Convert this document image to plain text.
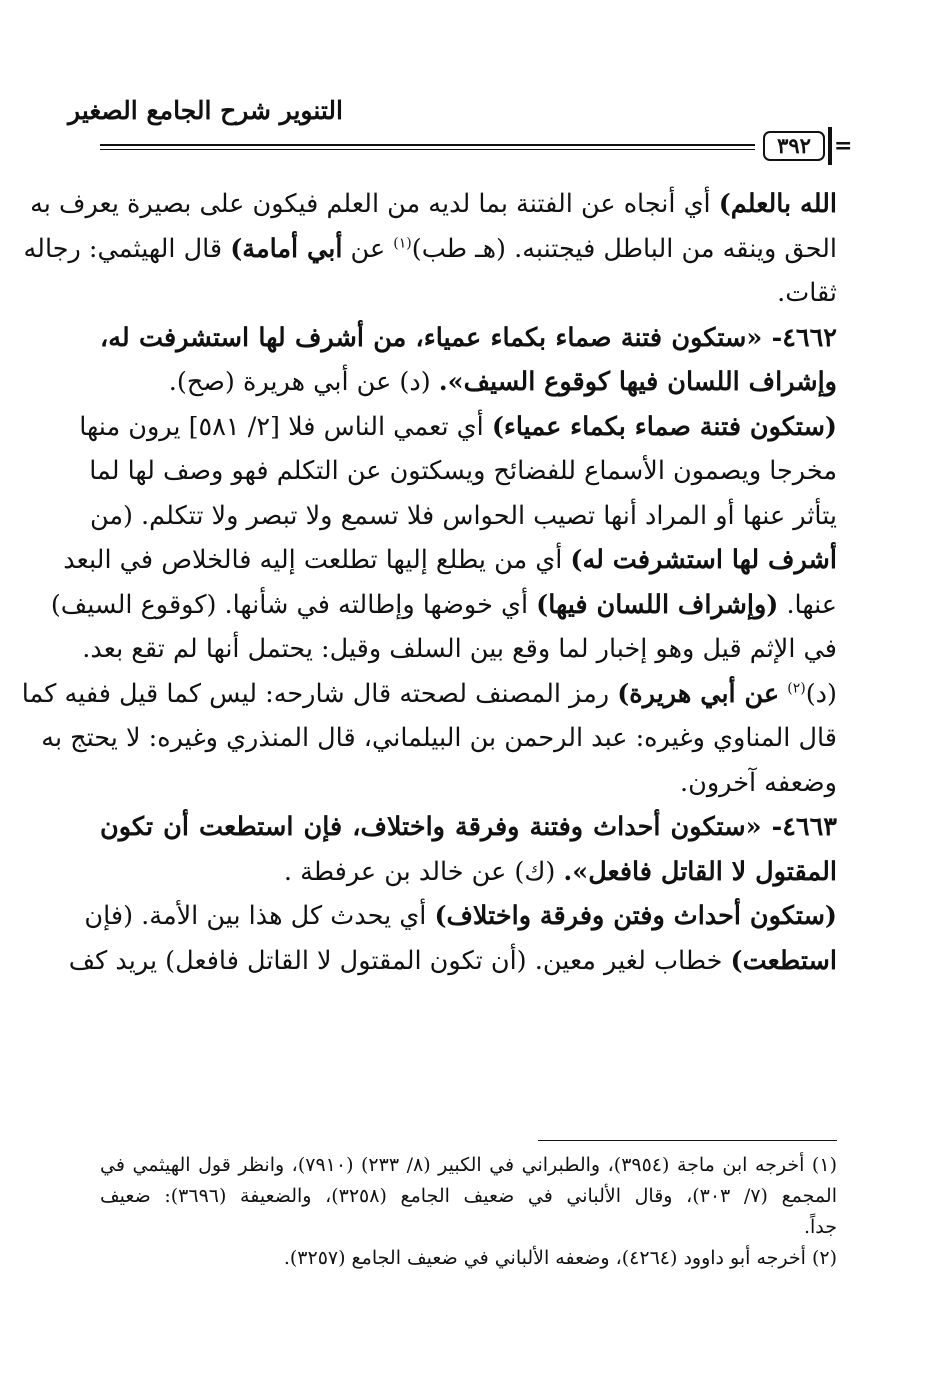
التنوير شرح الجامع الصغير
٣٩٢	=
الله بالعلم) أي أنجاه عن الفتنة بما لديه من العلم فيكون على بصيرة يعرف به
الحق وينقه من الباطل فيجتنبه. (هـ طب)$^{(١)}$ عن أبي أمامة) قال الهيثمي: رجاله
ثقات.
٤٦٦٢- «ستكون فتنة صماء بكماء عمياء، من أشرف لها استشرفت له،
وإشراف اللسان فيها كوقوع السيف». (د) عن أبي هريرة (صح).
(ستكون فتنة صماء بكماء عمياء) أي تعمي الناس فلا [٢/ ٥٨١] يرون منها
مخرجا ويصمون الأسماع للفضائح ويسكتون عن التكلم فهو وصف لها لما
يتأثر عنها أو المراد أنها تصيب الحواس فلا تسمع ولا تبصر ولا تتكلم. (من
أشرف لها استشرفت له) أي من يطلع إليها تطلعت إليه فالخلاص في البعد
عنها. (وإشراف اللسان فيها) أي خوضها وإطالته في شأنها. (كوقوع السيف)
في الإثم قيل وهو إخبار لما وقع بين السلف وقيل: يحتمل أنها لم تقع بعد.
(د)$^{(٢)}$ عن أبي هريرة) رمز المصنف لصحته قال شارحه: ليس كما قيل ففيه كما
قال المناوي وغيره: عبد الرحمن بن البيلماني، قال المنذري وغيره: لا يحتج به
وضعفه آخرون.
٤٦٦٣- «ستكون أحداث وفتنة وفرقة واختلاف، فإن استطعت أن تكون
المقتول لا القاتل فافعل». (ك) عن خالد بن عرفطة .
(ستكون أحداث وفتن وفرقة واختلاف) أي يحدث كل هذا بين الأمة. (فإن
استطعت) خطاب لغير معين. (أن تكون المقتول لا القاتل فافعل) يريد كف
(١) أخرجه ابن ماجة (٣٩٥٤)، والطبراني في الكبير (٨/ ٢٣٣) (٧٩١٠)، وانظر قول الهيثمي في
المجمع (٧/ ٣٠٣)، وقال الألباني في ضعيف الجامع (٣٢٥٨)، والضعيفة (٣٦٩٦): ضعيف
جداً.
(٢) أخرجه أبو داوود (٤٢٦٤)، وضعفه الألباني في ضعيف الجامع (٣٢٥٧).
